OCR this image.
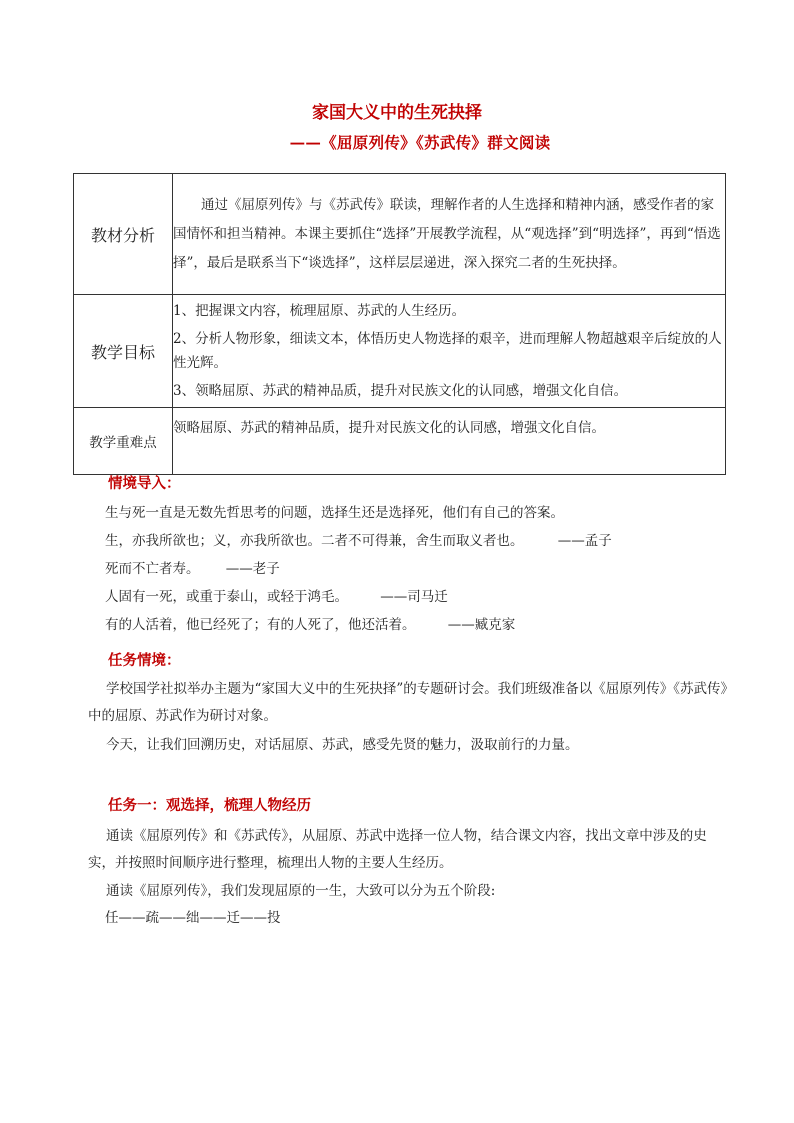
家国大义中的生死抉择
——《屈原列传》《苏武传》群文阅读
教材分析	通过《屈原列传》与《苏武传》联读，理解作者的人生选择和精神内涵，感受作者的家国情怀和担当精神。本课主要抓住“选择”开展教学流程，从“观选择”到“明选择”，再到“悟选择”，最后是联系当下“谈选择”，这样层层递进，深入探究二者的生死抉择。
教学目标	1、把握课文内容，梳理屈原、苏武的人生经历。
2、分析人物形象，细读文本，体悟历史人物选择的艰辛，进而理解人物超越艰辛后绽放的人性光辉。
3、领略屈原、苏武的精神品质，提升对民族文化的认同感，增强文化自信。

教学重难点	领略屈原、苏武的精神品质，提升对民族文化的认同感，增强文化自信。
情境导入：
生与死一直是无数先哲思考的问题，选择生还是选择死，他们有自己的答案。
生，亦我所欲也；义，亦我所欲也。二者不可得兼，舍生而取义者也。	——孟子
死而不亡者寿。 ——老子
人固有一死，或重于泰山，或轻于鸿毛。 ——司马迁
有的人活着，他已经死了；有的人死了，他还活着。 ——臧克家
任务情境：
学校国学社拟举办主题为“家国大义中的生死抉择”的专题研讨会。我们班级准备以《屈原列传》《苏武传》中的屈原、苏武作为研讨对象。
今天，让我们回溯历史，对话屈原、苏武，感受先贤的魅力，汲取前行的力量。
任务一：观选择，梳理人物经历
通读《屈原列传》和《苏武传》，从屈原、苏武中选择一位人物，结合课文内容，找出文章中涉及的史实，并按照时间顺序进行整理，梳理出人物的主要人生经历。
通读《屈原列传》，我们发现屈原的一生，大致可以分为五个阶段:
任——疏——绌——迁——投
